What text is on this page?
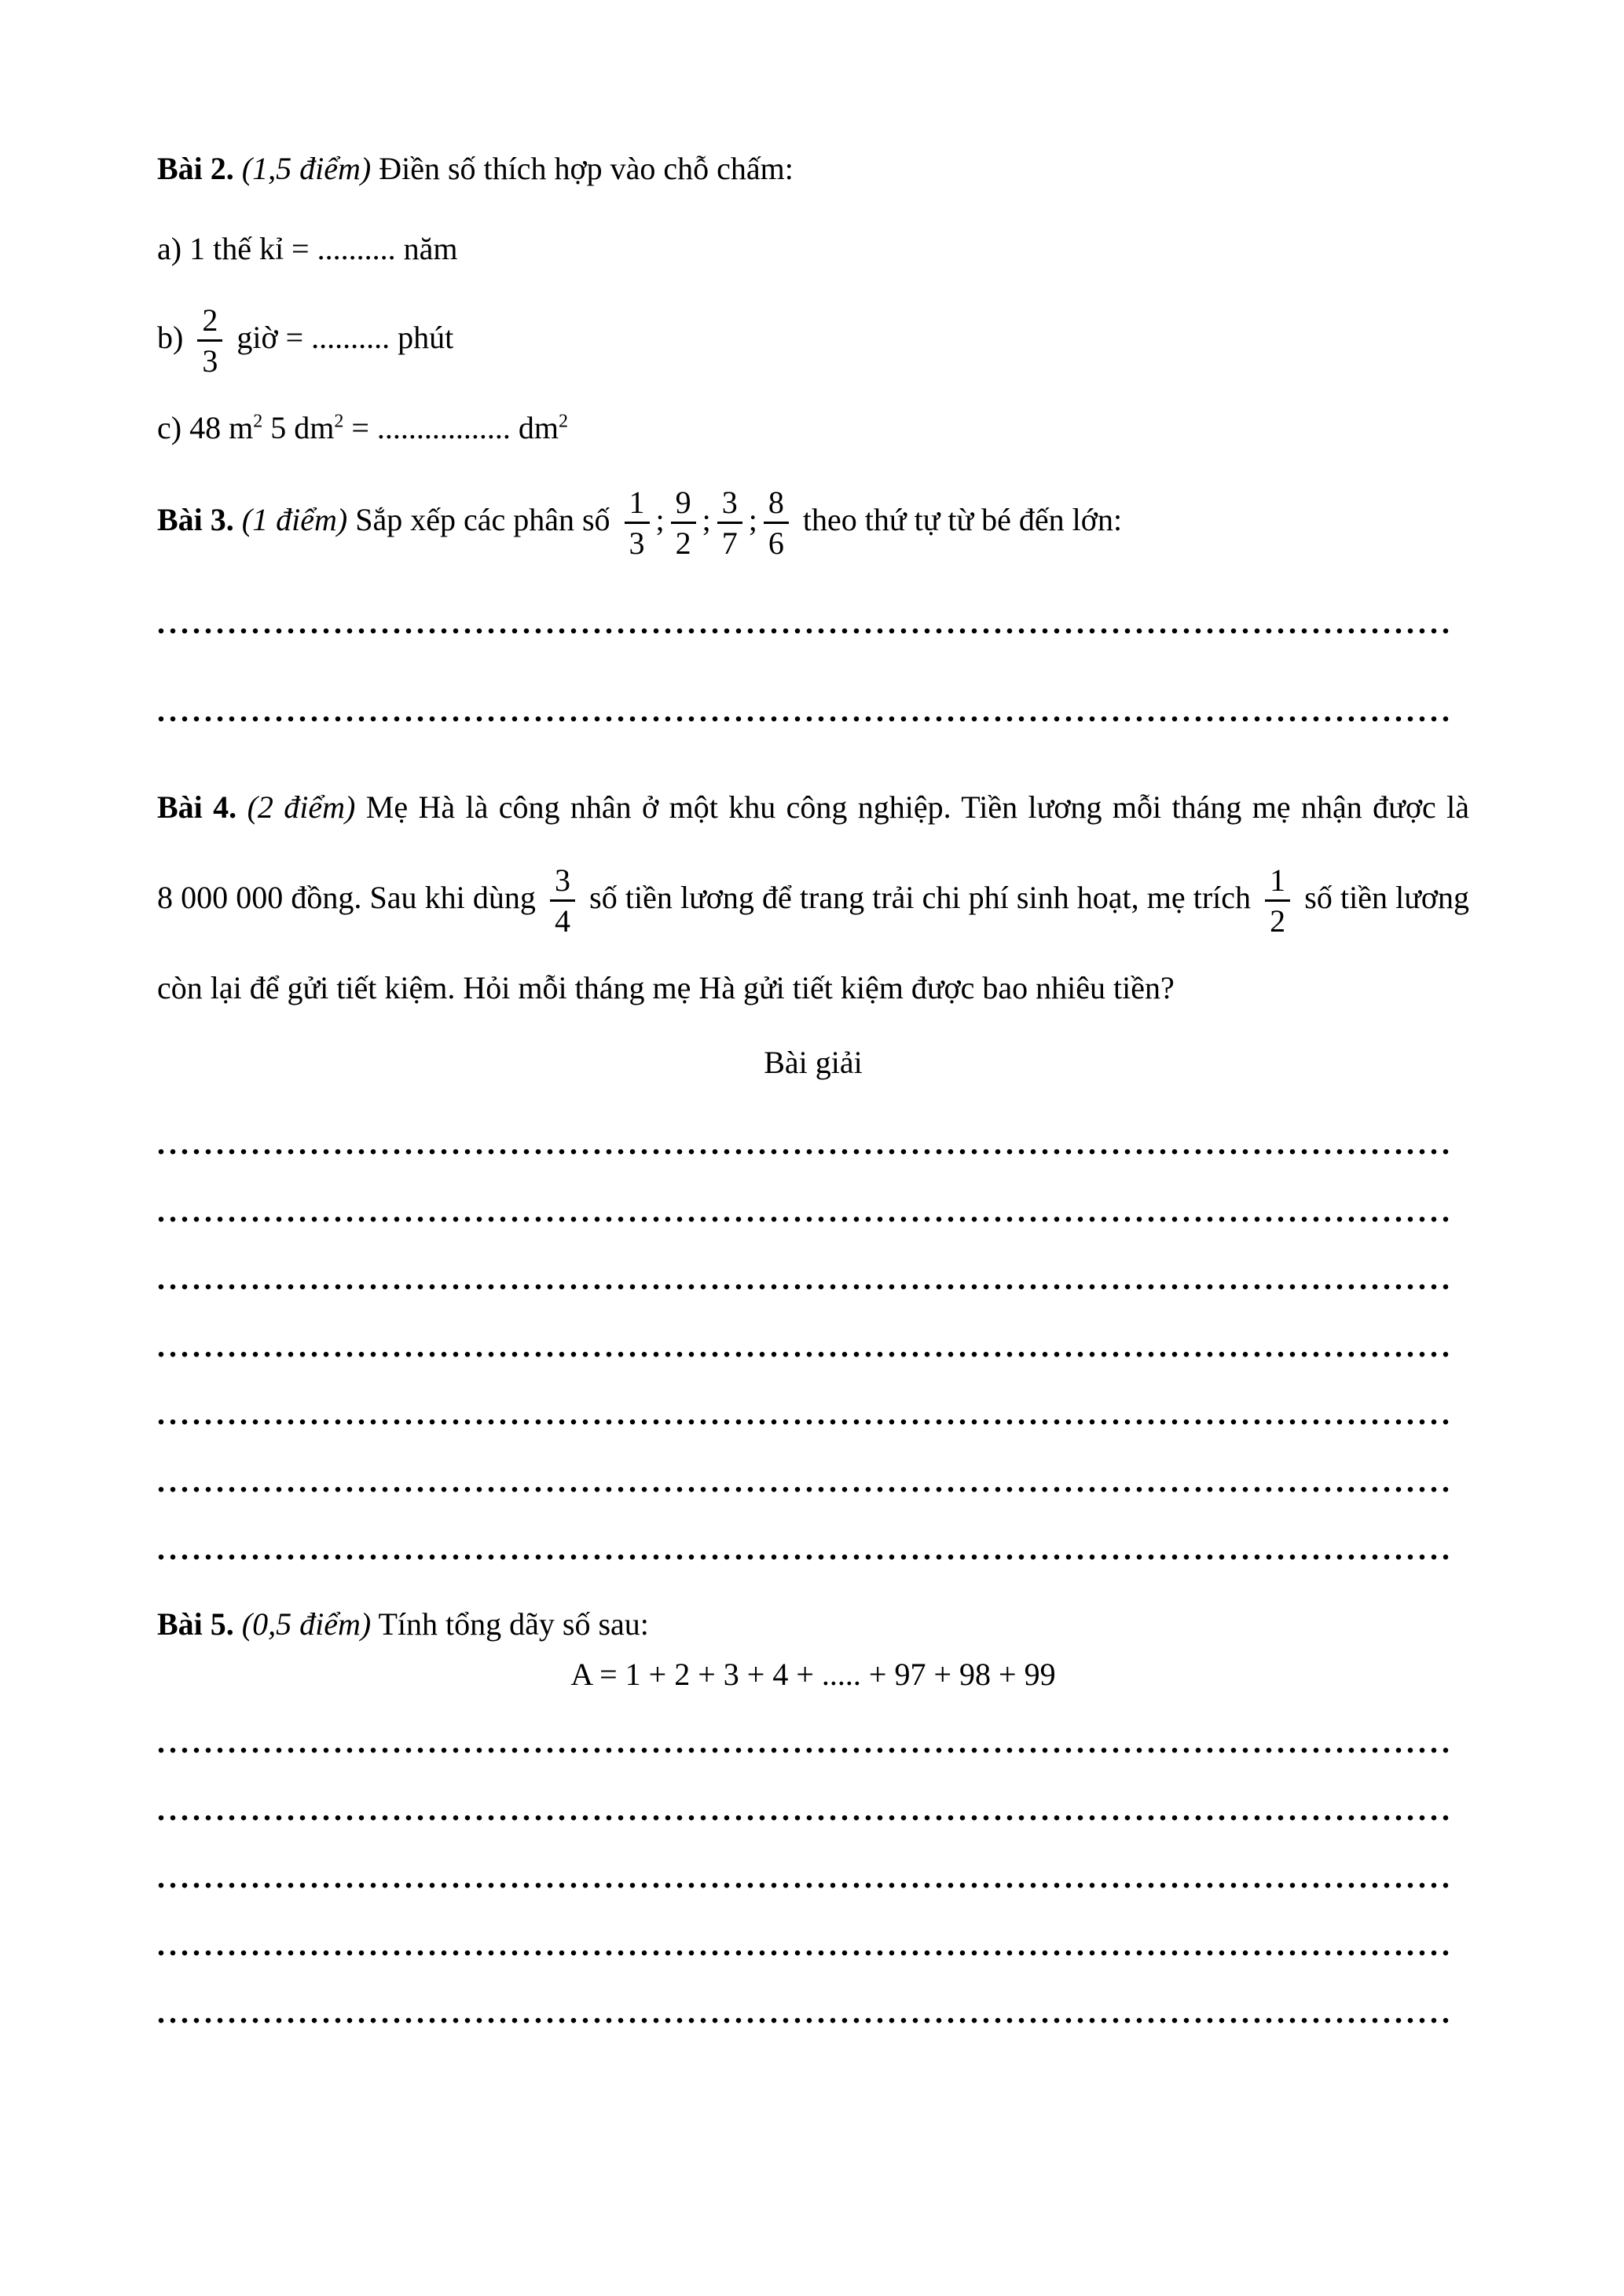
Bài 2. (1,5 điểm) Điền số thích hợp vào chỗ chấm:

a) 1 thế kỉ = .......... năm

$b) \frac{2}{3}$ giờ = .......... phút

c) 48 $m^2$ 5 $dm^2$ = ................. $dm^2$

Bài 3. (1 điểm) Sắp xếp các phân số $\frac{1}{3}$ ; $\frac{9}{2}$ ; $\frac{3}{7}$ ; $\frac{8}{6}$ theo thứ tự từ bé đến lớn:
..............................................................................................................
..............................................................................................................

Bài 4. (2 điểm) Mẹ Hà là công nhân ở một khu công nghiệp. Tiền lương mỗi tháng mẹ nhận được là 8 000 000 đồng. Sau khi dùng $\frac{3}{4}$ số tiền lương để trang trải chi phí sinh hoạt, mẹ trích $\frac{1}{2}$ số tiền lương còn lại để gửi tiết kiệm. Hỏi mỗi tháng mẹ Hà gửi tiết kiệm được bao nhiêu tiền?

Bài giải

..............................................................................................................
..............................................................................................................
..............................................................................................................
..............................................................................................................
..............................................................................................................
..............................................................................................................
..............................................................................................................

Bài 5. (0,5 điểm) Tính tổng dãy số sau:

A = 1 + 2 + 3 + 4 + ..... + 97 + 98 + 99

..............................................................................................................
..............................................................................................................
..............................................................................................................
..............................................................................................................
..............................................................................................................
